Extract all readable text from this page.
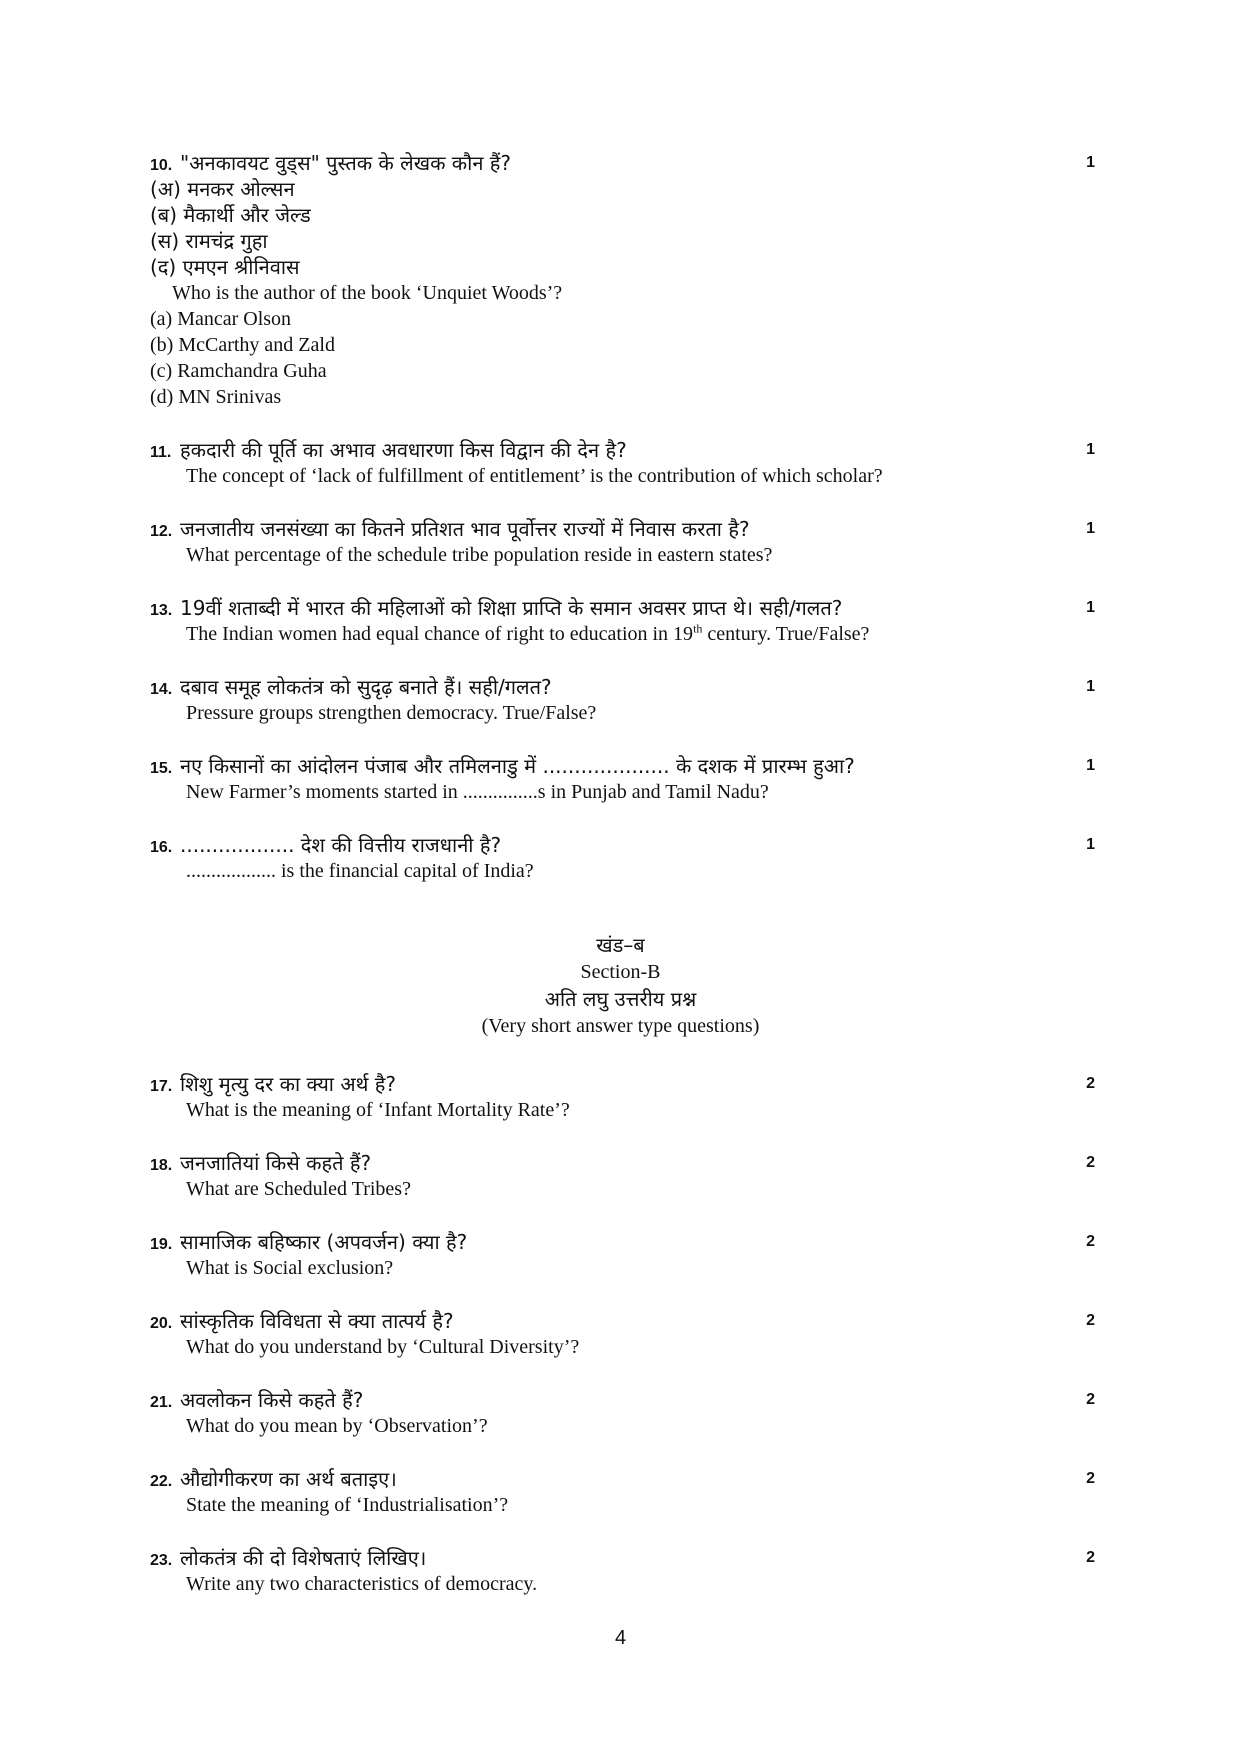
10. "अनकावयट वुड्स" पुस्तक के लेखक कौन हैं?	1
(अ) मनकर ओल्सन
(ब) मैकार्थी और जेल्ड
(स) रामचंद्र गुहा
(द) एमएन श्रीनिवास
Who is the author of the book ‘Unquiet Woods’?
(a) Mancar Olson
(b) McCarthy and Zald
(c) Ramchandra Guha
(d) MN Srinivas
11. हकदारी की पूर्ति का अभाव अवधारणा किस विद्वान की देन है?	1
The concept of ‘lack of fulfillment of entitlement’ is the contribution of which scholar?
12. जनजातीय जनसंख्या का कितने प्रतिशत भाव पूर्वोत्तर राज्यों में निवास करता है?	1
What percentage of the schedule tribe population reside in eastern states?
13. 19वीं शताब्दी में भारत की महिलाओं को शिक्षा प्राप्ति के समान अवसर प्राप्त थे। सही/गलत?	1
The Indian women had equal chance of right to education in 19th century. True/False?
14. दबाव समूह लोकतंत्र को सुदृढ़ बनाते हैं। सही/गलत?	1
Pressure groups strengthen democracy. True/False?
15. नए किसानों का आंदोलन पंजाब और तमिलनाडु में .................... के दशक में प्रारम्भ हुआ?	1
New Farmer’s moments started in ...............s in Punjab and Tamil Nadu?
16. .................. देश की वित्तीय राजधानी है?	1
.................. is the financial capital of India?
खंड–ब
Section-B
अति लघु उत्तरीय प्रश्न
(Very short answer type questions)
17. शिशु मृत्यु दर का क्या अर्थ है?	2
What is the meaning of ‘Infant Mortality Rate’?
18. जनजातियां किसे कहते हैं?	2
What are Scheduled Tribes?
19. सामाजिक बहिष्कार (अपवर्जन) क्या है?	2
What is Social exclusion?
20. सांस्कृतिक विविधता से क्या तात्पर्य है?	2
What do you understand by ‘Cultural Diversity’?
21. अवलोकन किसे कहते हैं?	2
What do you mean by ‘Observation’?
22. औद्योगीकरण का अर्थ बताइए।	2
State the meaning of ‘Industrialisation’?
23. लोकतंत्र की दो विशेषताएं लिखिए।	2
Write any two characteristics of democracy.
4
